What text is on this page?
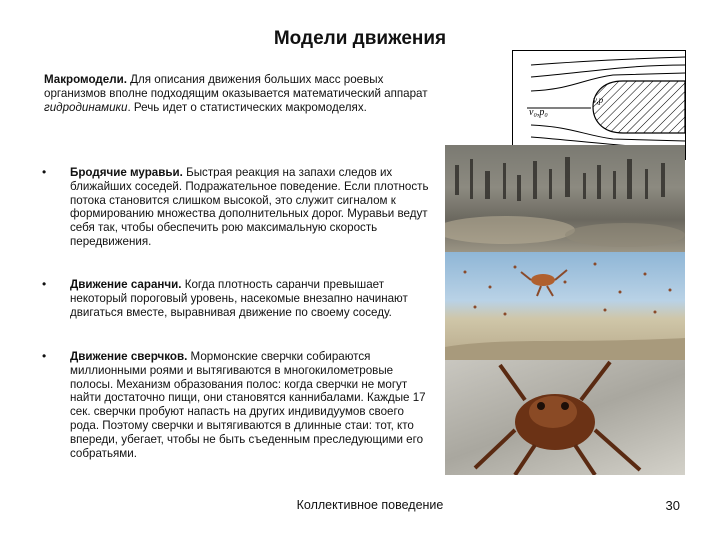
Модели движения
Макромодели. Для описания движения больших масс роевых организмов вполне подходящим оказывается математический аппарат гидродинамики. Речь идет о статистических макромоделях.	v₀,p₀
v,p
•	Бродячие муравьи. Быстрая реакция на запахи следов их ближайших соседей. Подражательное поведение. Если плотность потока становится слишком высокой, это служит сигналом к формированию множества дополнительных дорог. Муравьи ведут себя так, чтобы обеспечить рою максимальную скорость передвижения.
•	Движение саранчи. Когда плотность саранчи превышает некоторый пороговый уровень, насекомые внезапно начинают двигаться вместе, выравнивая движение по своему соседу.
•	Движение сверчков. Мормонские сверчки собираются миллионными роями и вытягиваются в многокилометровые полосы. Механизм образования полос: когда сверчки не могут найти достаточно пищи, они становятся каннибалами. Каждые 17 сек. сверчки пробуют напасть на других индивидуумов своего рода. Поэтому сверчки и вытягиваются в длинные стаи: тот, кто впереди, убегает, чтобы не быть съеденным преследующими его собратьями.
Коллективное поведение	30
